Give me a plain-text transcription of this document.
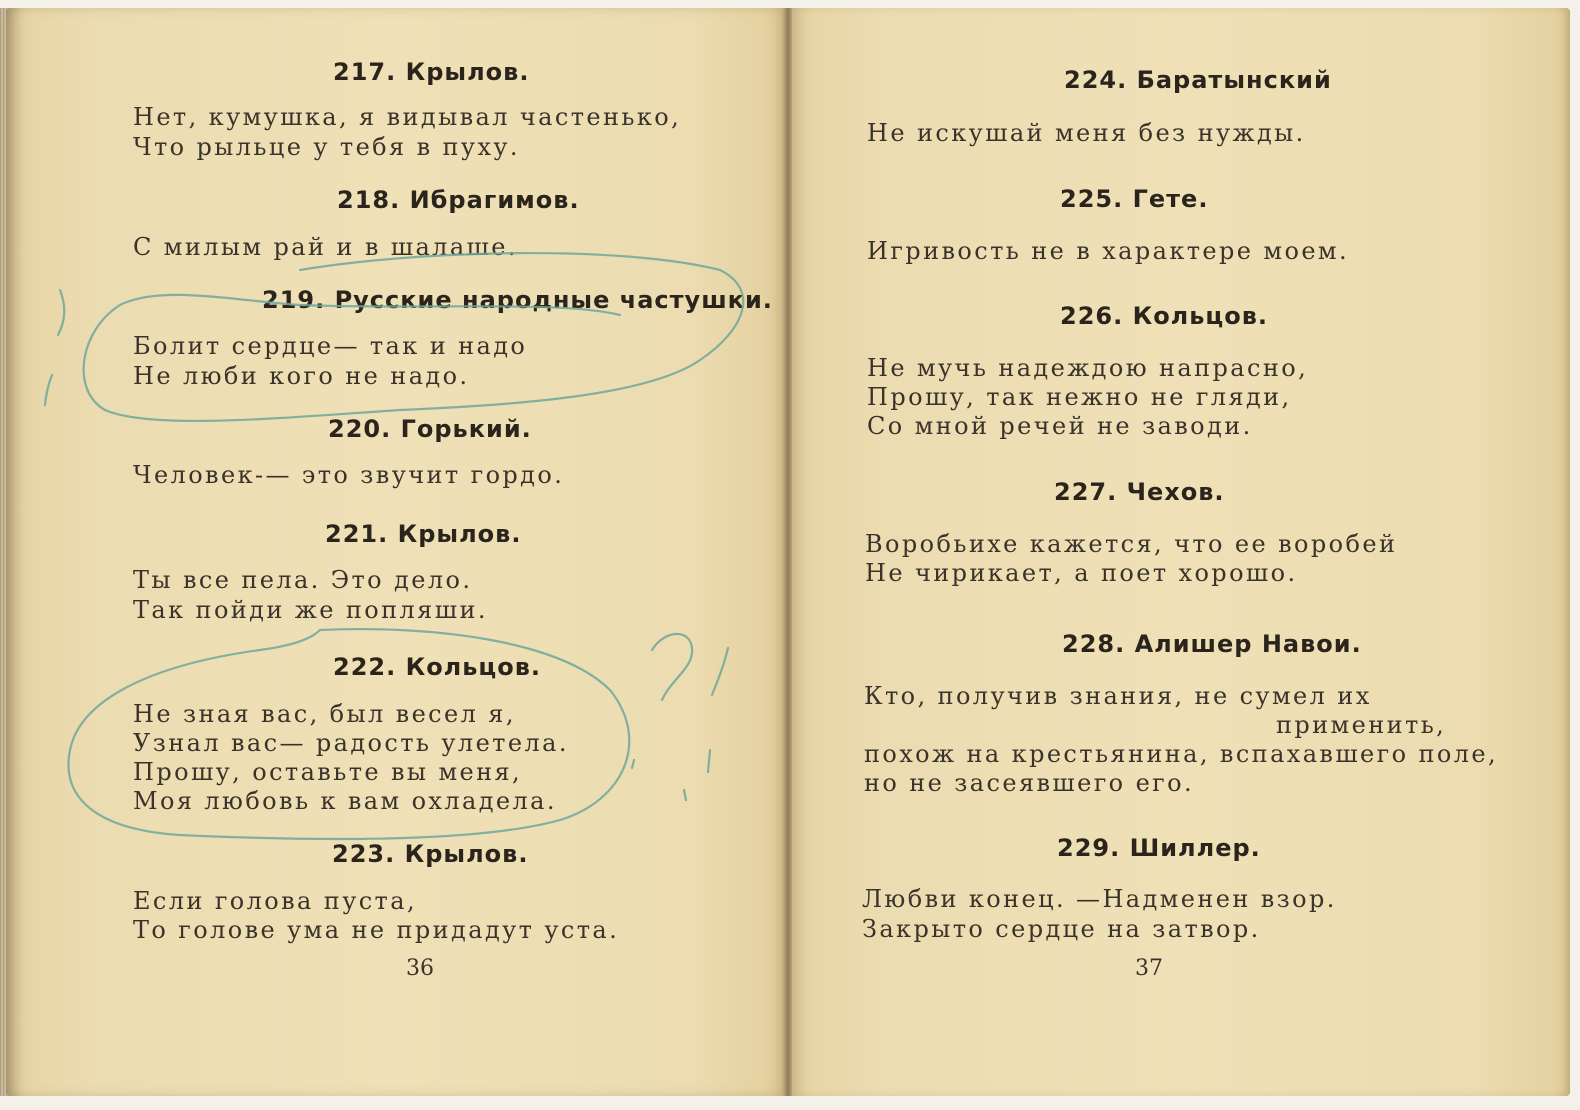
217. Крылов.
Нет, кумушка, я видывал частенько,
Что рыльце у тебя в пуху.
218. Ибрагимов.
С милым рай и в шалаше.
219. Русские народные частушки.
Болит сердце— так и надо
Не люби кого не надо.
220. Горький.
Человек-— это звучит гордо.
221. Крылов.
Ты все пела. Это дело.
Так пойди же попляши.
222. Кольцов.
Не зная вас, был весел я,
Узнал вас— радость улетела.
Прошу, оставьте вы меня,
Моя любовь к вам охладела.
223. Крылов.
Если голова пуста,
То голове ума не придадут уста.
36
224. Баратынский
Не искушай меня без нужды.
225. Гете.
Игривость не в характере моем.
226. Кольцов.
Не мучь надеждою напрасно,
Прошу, так нежно не гляди,
Со мной речей не заводи.
227. Чехов.
Воробьихе кажется, что ее воробей
Не чирикает, а поет хорошо.
228. Алишер Навои.
Кто, получив знания, не сумел их
применить,
похож на крестьянина, вспахавшего поле,
но не засеявшего его.
229. Шиллер.
Любви конец. —Надменен взор.
Закрыто сердце на затвор.
37
